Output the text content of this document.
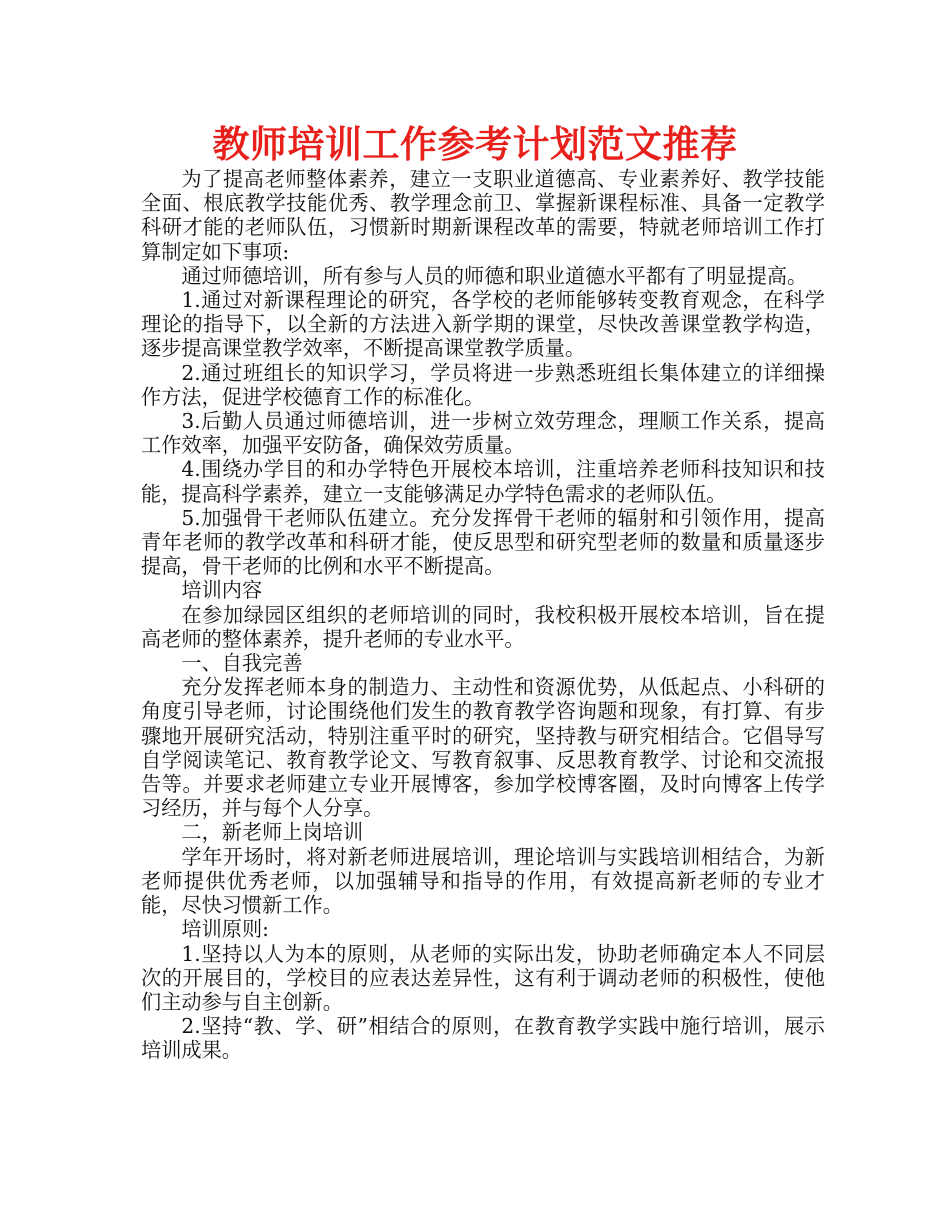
教师培训工作参考计划范文推荐

为了提高老师整体素养，建立一支职业道德高、专业素养好、教学技能全面、根底教学技能优秀、教学理念前卫、掌握新课程标准、具备一定教学科研才能的老师队伍，习惯新时期新课程改革的需要，特就老师培训工作打算制定如下事项:

通过师德培训，所有参与人员的师德和职业道德水平都有了明显提高。

1.通过对新课程理论的研究，各学校的老师能够转变教育观念，在科学理论的指导下，以全新的方法进入新学期的课堂，尽快改善课堂教学构造，逐步提高课堂教学效率，不断提高课堂教学质量。

2.通过班组长的知识学习，学员将进一步熟悉班组长集体建立的详细操作方法，促进学校德育工作的标准化。

3.后勤人员通过师德培训，进一步树立效劳理念，理顺工作关系，提高工作效率，加强平安防备，确保效劳质量。

4.围绕办学目的和办学特色开展校本培训，注重培养老师科技知识和技能，提高科学素养，建立一支能够满足办学特色需求的老师队伍。

5.加强骨干老师队伍建立。充分发挥骨干老师的辐射和引领作用，提高青年老师的教学改革和科研才能，使反思型和研究型老师的数量和质量逐步提高，骨干老师的比例和水平不断提高。

培训内容

在参加绿园区组织的老师培训的同时，我校积极开展校本培训，旨在提高老师的整体素养，提升老师的专业水平。

一、自我完善

充分发挥老师本身的制造力、主动性和资源优势，从低起点、小科研的角度引导老师，讨论围绕他们发生的教育教学咨询题和现象，有打算、有步骤地开展研究活动，特别注重平时的研究，坚持教与研究相结合。它倡导写自学阅读笔记、教育教学论文、写教育叙事、反思教育教学、讨论和交流报告等。并要求老师建立专业开展博客，参加学校博客圈，及时向博客上传学习经历，并与每个人分享。

二，新老师上岗培训

学年开场时，将对新老师进展培训，理论培训与实践培训相结合，为新老师提供优秀老师，以加强辅导和指导的作用，有效提高新老师的专业才能，尽快习惯新工作。

培训原则:

1.坚持以人为本的原则，从老师的实际出发，协助老师确定本人不同层次的开展目的，学校目的应表达差异性，这有利于调动老师的积极性，使他们主动参与自主创新。

2.坚持“教、学、研”相结合的原则，在教育教学实践中施行培训，展示培训成果。
